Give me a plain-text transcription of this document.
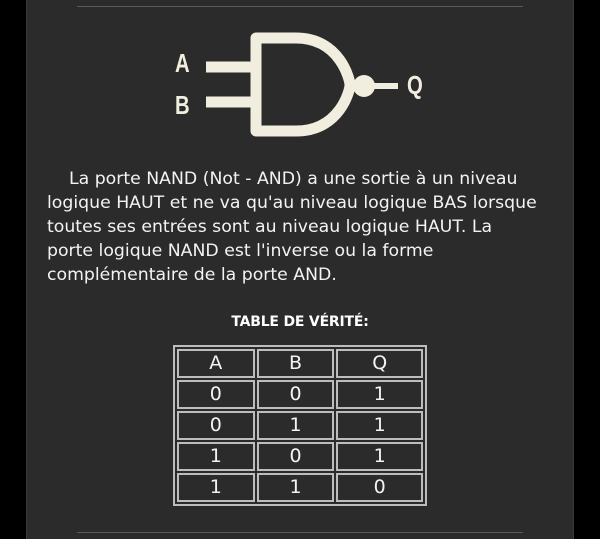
A
B
Q

La porte NAND (Not - AND) a une sortie à un niveau
logique HAUT et ne va qu'au niveau logique BAS lorsque
toutes ses entrées sont au niveau logique HAUT. La
porte logique NAND est l'inverse ou la forme
complémentaire de la porte AND.

TABLE DE VÉRITÉ:
A	B	Q
0	0	1
0	1	1
1	0	1
1	1	0
